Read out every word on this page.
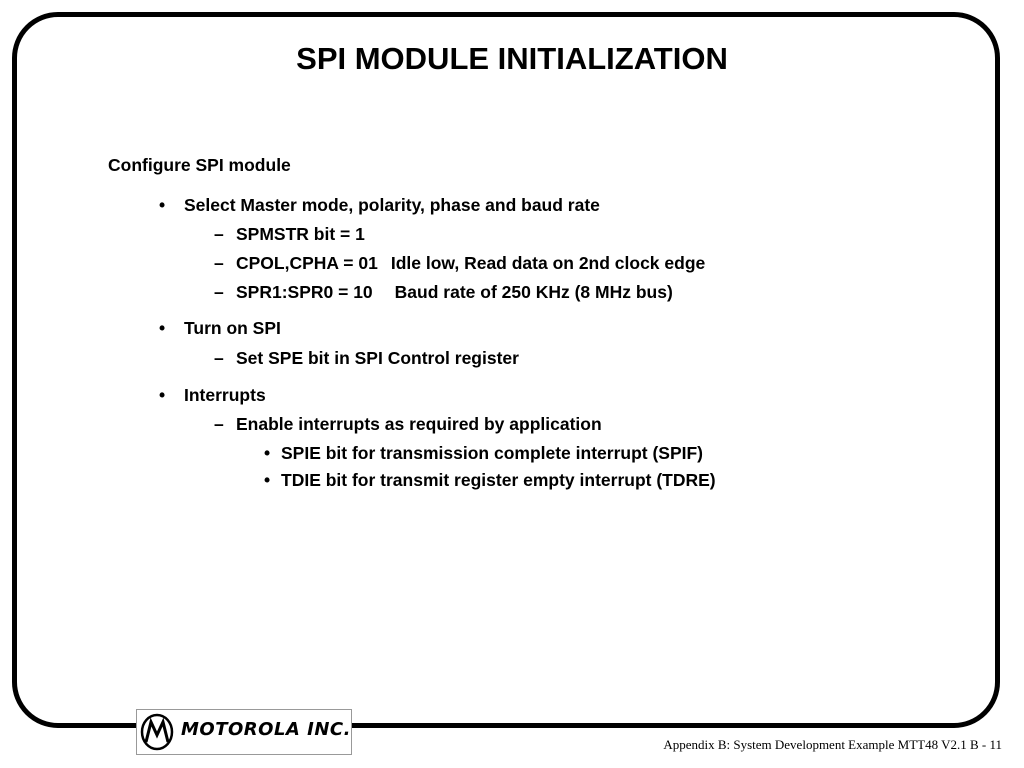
SPI MODULE INITIALIZATION
Configure SPI module
• Select Master mode, polarity, phase and baud rate
– SPMSTR bit = 1
– CPOL,CPHA = 01 Idle low, Read data on 2nd clock edge
– SPR1:SPR0 = 10 Baud rate of 250 KHz (8 MHz bus)
• Turn on SPI
– Set SPE bit in SPI Control register
• Interrupts
– Enable interrupts as required by application
• SPIE bit for transmission complete interrupt (SPIF)
• TDIE bit for transmit register empty interrupt (TDRE)
MOTOROLA INC.
Appendix B: System Development Example MTT48 V2.1 B - 11
